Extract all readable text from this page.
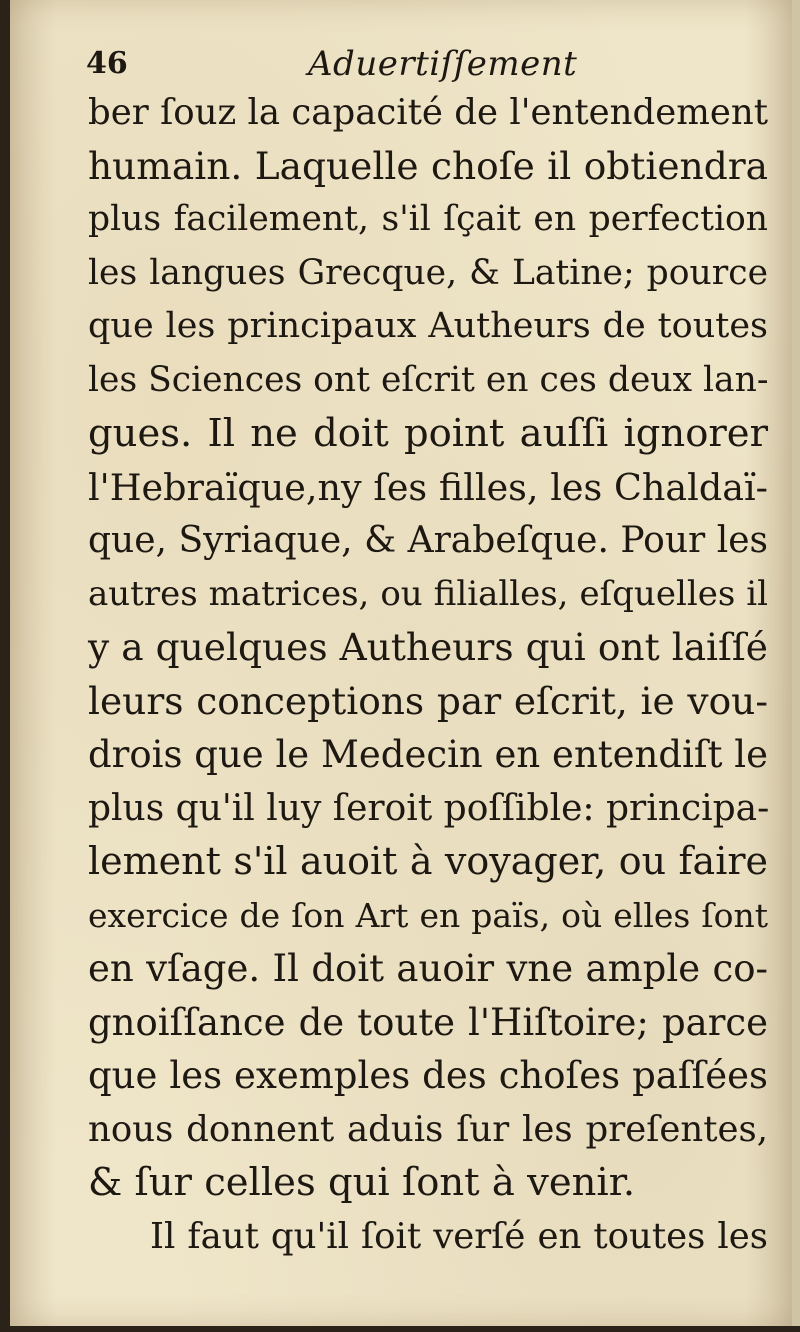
46	Aduertiſſement
ber ſouz la capacité de l'entendement
humain. Laquelle choſe il obtiendra
plus facilement, s'il ſçait en perfection
les langues Grecque, & Latine; pource
que les principaux Autheurs de toutes
les Sciences ont eſcrit en ces deux lan-
gues. Il ne doit point auſſi ignorer
l'Hebraïque,ny ſes filles, les Chaldaï-
que, Syriaque, & Arabeſque. Pour les
autres matrices, ou filialles, eſquelles il
y a quelques Autheurs qui ont laiſſé
leurs conceptions par eſcrit, ie vou-
drois que le Medecin en entendiſt le
plus qu'il luy ſeroit poſſible: principa-
lement s'il auoit à voyager, ou faire
exercice de ſon Art en païs, où elles ſont
en vſage. Il doit auoir vne ample co-
gnoiſſance de toute l'Hiſtoire; parce
que les exemples des choſes paſſées
nous donnent aduis ſur les preſentes,
& ſur celles qui ſont à venir.
Il faut qu'il ſoit verſé en toutes les
